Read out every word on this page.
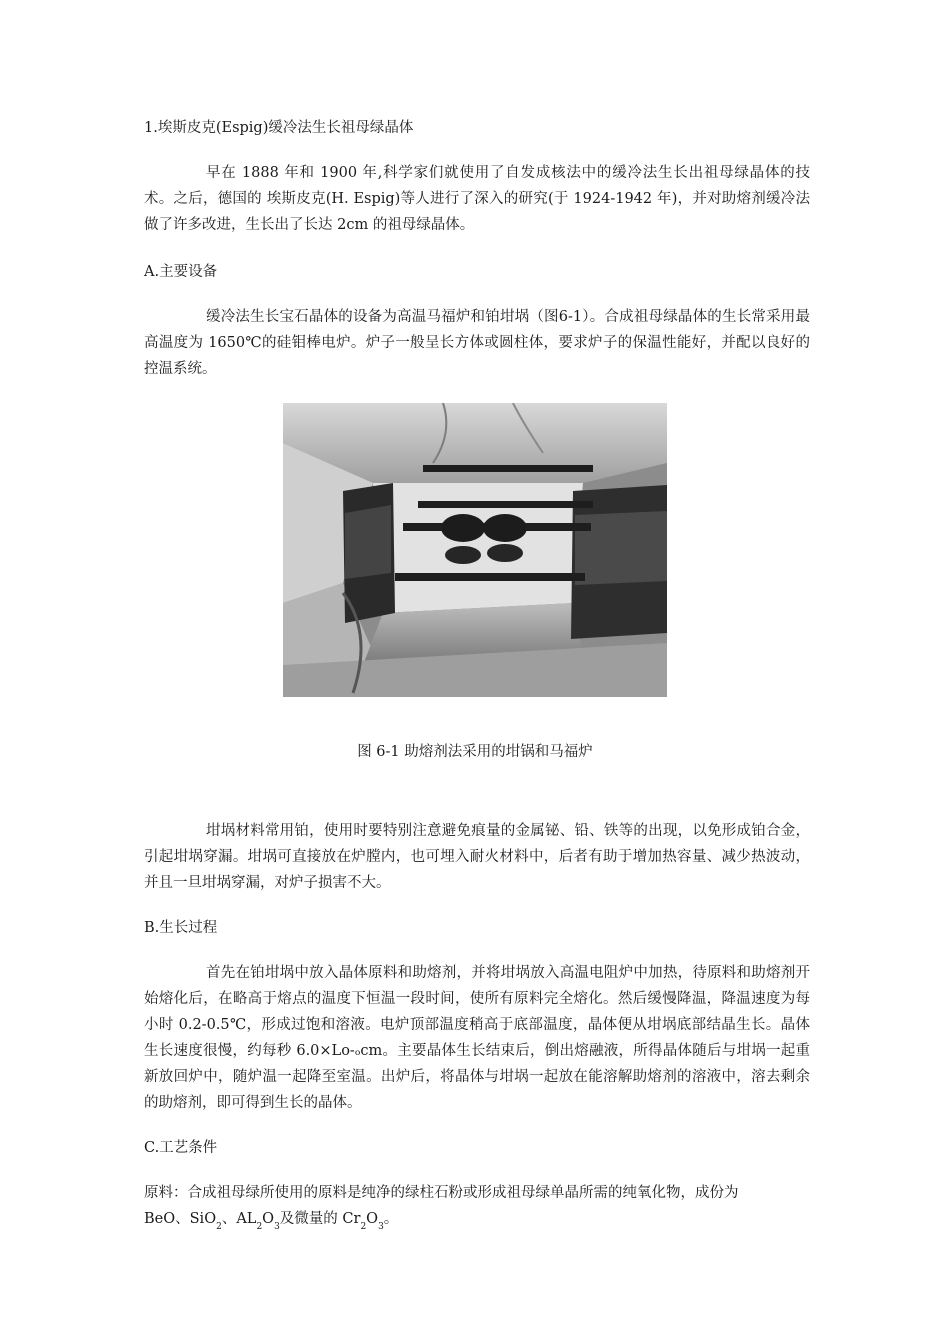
1.埃斯皮克(Espig)缓冷法生长祖母绿晶体

早在 1888 年和 1900 年,科学家们就使用了自发成核法中的缓冷法生长出祖母绿晶体的技术。之后，德国的 埃斯皮克(H. Espig)等人进行了深入的研究(于 1924-1942 年)，并对助熔剂缓冷法做了许多改进，生长出了长达 2cm 的祖母绿晶体。

A.主要设备

缓冷法生长宝石晶体的设备为高温马福炉和铂坩埚（图6-1）。合成祖母绿晶体的生长常采用最高温度为 1650℃的硅钼棒电炉。炉子一般呈长方体或圆柱体，要求炉子的保温性能好，并配以良好的控温系统。

图 6-1 助熔剂法采用的坩锅和马福炉

坩埚材料常用铂，使用时要特别注意避免痕量的金属铋、铅、铁等的出现，以免形成铂合金，引起坩埚穿漏。坩埚可直接放在炉膛内，也可埋入耐火材料中，后者有助于增加热容量、减少热波动，并且一旦坩埚穿漏，对炉子损害不大。

B.生长过程

首先在铂坩埚中放入晶体原料和助熔剂，并将坩埚放入高温电阻炉中加热，待原料和助熔剂开始熔化后，在略高于熔点的温度下恒温一段时间，使所有原料完全熔化。然后缓慢降温，降温速度为每小时 0.2-0.5℃，形成过饱和溶液。电炉顶部温度稍高于底部温度，晶体便从坩埚底部结晶生长。晶体生长速度很慢，约每秒 6.0×Lo-ₒcm。主要晶体生长结束后，倒出熔融液，所得晶体随后与坩埚一起重新放回炉中，随炉温一起降至室温。出炉后，将晶体与坩埚一起放在能溶解助熔剂的溶液中，溶去剩余的助熔剂，即可得到生长的晶体。

C.工艺条件

原料：合成祖母绿所使用的原料是纯净的绿柱石粉或形成祖母绿单晶所需的纯氧化物，成份为
BeO、SiO$_2$、$AL_2O_3$及微量的 $Cr_2O_3$。
